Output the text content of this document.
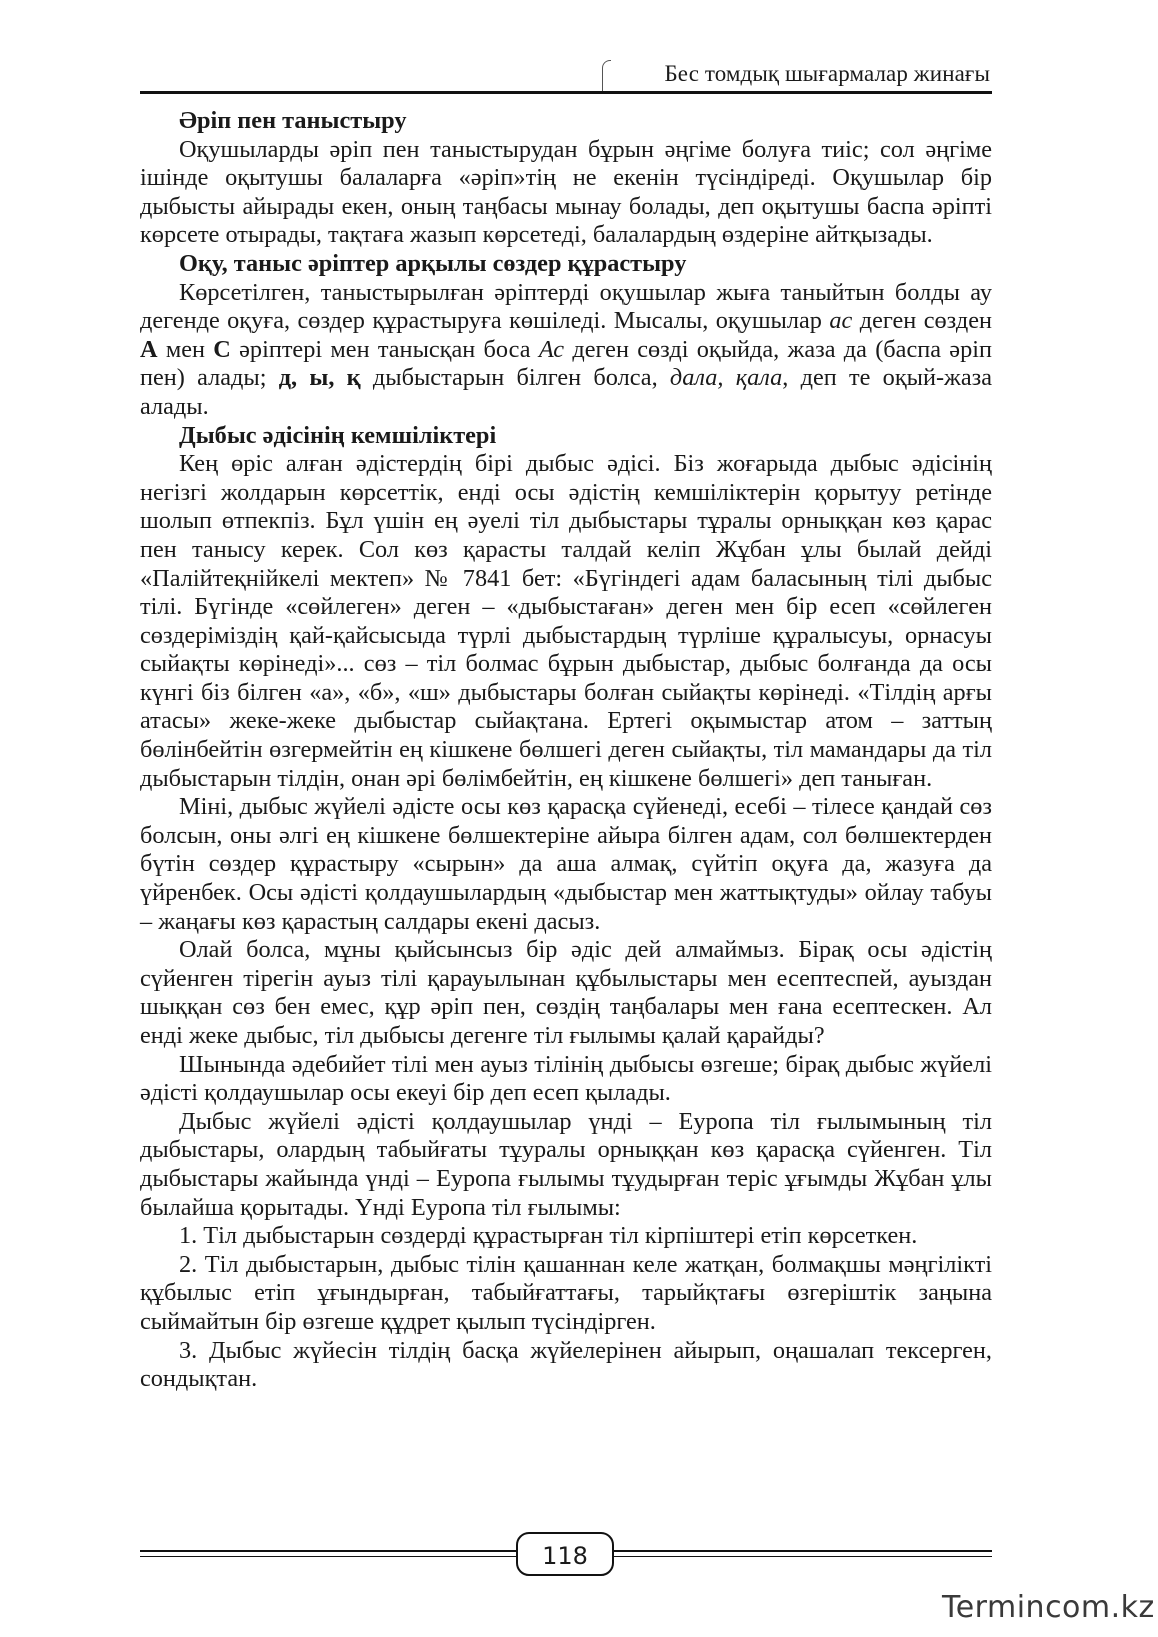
Бес томдық шығармалар жинағы
Әріп пен таныстыру

Оқушыларды әріп пен таныстырудан бұрын әңгіме болуға тиіс; сол әңгіме ішінде оқытушы балаларға «әріп»тің не екенін түсіндіреді. Оқушылар бір дыбысты айырады екен, оның таңбасы мынау болады, деп оқытушы баспа әріпті көрсете отырады, тақтаға жазып көрсетеді, балалардың өздеріне айтқызады.

Оқу, таныс әріптер арқылы сөздер құрастыру

Көрсетілген, таныстырылған әріптерді оқушылар жыға таныйтын болды ау дегенде оқуға, сөздер құрастыруға көшіледі. Мысалы, оқушылар ас деген сөзден А мен С әріптері мен танысқан боса Ас деген сөзді оқыйда, жаза да (баспа әріп пен) алады; д, ы, қ дыбыстарын білген болса, дала, қала, деп те оқый-жаза алады.

Дыбыс әдісінің кемшіліктері

Кең өріс алған әдістердің бірі дыбыс әдісі. Біз жоғарыда дыбыс әдісінің негізгі жолдарын көрсеттік, енді осы әдістің кемшіліктерін қорытуу ретінде шолып өтпекпіз. Бұл үшін ең әуелі тіл дыбыстары тұралы орныққан көз қарас пен танысу керек. Сол көз қарасты талдай келіп Жұбан ұлы былай дейді «Палійтеқнійкелі мектеп» № 7841 бет: «Бүгіндегі адам баласының тілі дыбыс тілі. Бүгінде «сөйлеген» деген – «дыбыстаған» деген мен бір есеп «сөйлеген сөздеріміздің қай-қайсысыда түрлі дыбыстардың түрліше құралысуы, орнасуы сыйақты көрінеді»... сөз – тіл болмас бұрын дыбыстар, дыбыс болғанда да осы күнгі біз білген «а», «б», «ш» дыбыстары болған сыйақты көрінеді. «Тілдің арғы атасы» жеке-жеке дыбыстар сыйақтана. Ертегі оқымыстар атом – заттың бөлінбейтін өзгермейтін ең кішкене бөлшегі деген сыйақты, тіл мамандары да тіл дыбыстарын тілдін, онан әрі бөлімбейтін, ең кішкене бөлшегі» деп таныған.

Міні, дыбыс жүйелі әдісте осы көз қарасқа сүйенеді, есебі – тілесе қандай сөз болсын, оны әлгі ең кішкене бөлшектеріне айыра білген адам, сол бөлшектерден бүтін сөздер құрастыру «сырын» да аша алмақ, сүйтіп оқуға да, жазуға да үйренбек. Осы әдісті қолдаушылардың «дыбыстар мен жаттықтуды» ойлау табуы – жаңағы көз қарастың салдары екені дасыз.

Олай болса, мұны қыйсынсыз бір әдіс дей алмаймыз. Бірақ осы әдістің сүйенген тірегін ауыз тілі қарауылынан құбылыстары мен есептеспей, ауыздан шыққан сөз бен емес, құр әріп пен, сөздің таңбалары мен ғана есептескен. Ал енді жеке дыбыс, тіл дыбысы дегенге тіл ғылымы қалай қарайды?

Шынында әдебийет тілі мен ауыз тілінің дыбысы өзгеше; бірақ дыбыс жүйелі әдісті қолдаушылар осы екеуі бір деп есеп қылады.

Дыбыс жүйелі әдісті қолдаушылар үнді – Еуропа тіл ғылымының тіл дыбыстары, олардың табыйғаты тұуралы орныққан көз қарасқа сүйенген. Тіл дыбыстары жайында үнді – Еуропа ғылымы тұудырған теріс ұғымды Жұбан ұлы былайша қорытады. Үнді Еуропа тіл ғылымы:

1. Тіл дыбыстарын сөздерді құрастырған тіл кірпіштері етіп көрсеткен.

2. Тіл дыбыстарын, дыбыс тілін қашаннан келе жатқан, болмақшы мәңгілікті құбылыс етіп ұғындырған, табыйғаттағы, тарыйқтағы өзгеріштік заңына сыймайтын бір өзгеше құдрет қылып түсіндірген.

3. Дыбыс жүйесін тілдің басқа жүйелерінен айырып, оңашалап тексерген, сондықтан.

118
Termincom.kz
